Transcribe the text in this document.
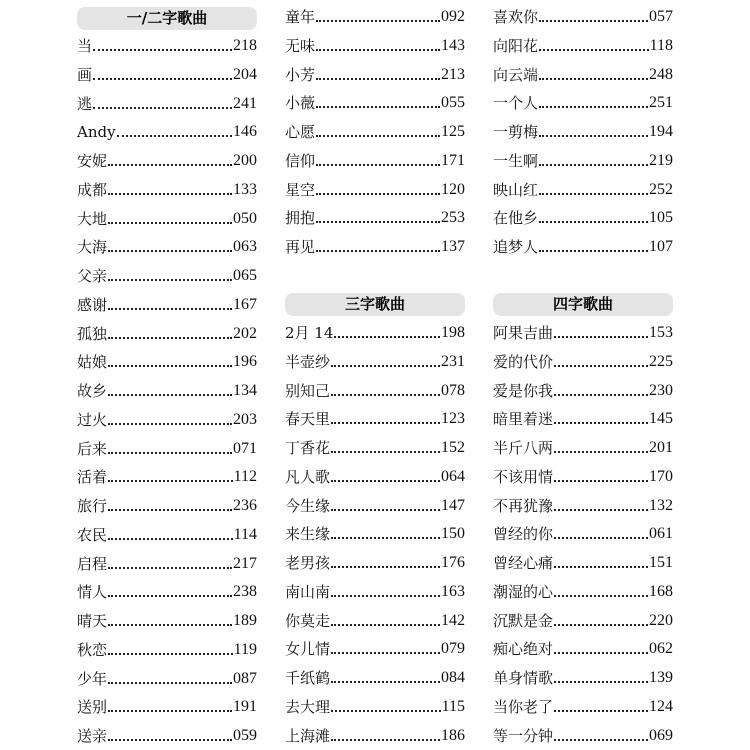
一/二字歌曲
当	218
画	204
逃	241
Andy	146
安妮	200
成都	133
大地	050
大海	063
父亲	065
感谢	167
孤独	202
姑娘	196
故乡	134
过火	203
后来	071
活着	112
旅行	236
农民	114
启程	217
情人	238
晴天	189
秋恋	119
少年	087
送别	191
送亲	059
童年	092
无味	143
小芳	213
小薇	055
心愿	125
信仰	171
星空	120
拥抱	253
再见	137
三字歌曲
2月 14	198
半壶纱	231
别知己	078
春天里	123
丁香花	152
凡人歌	064
今生缘	147
来生缘	150
老男孩	176
南山南	163
你莫走	142
女儿情	079
千纸鹤	084
去大理	115
上海滩	186
喜欢你	057
向阳花	118
向云端	248
一个人	251
一剪梅	194
一生啊	219
映山红	252
在他乡	105
追梦人	107
四字歌曲
阿果吉曲	153
爱的代价	225
爱是你我	230
暗里着迷	145
半斤八两	201
不该用情	170
不再犹豫	132
曾经的你	061
曾经心痛	151
潮湿的心	168
沉默是金	220
痴心绝对	062
单身情歌	139
当你老了	124
等一分钟	069
